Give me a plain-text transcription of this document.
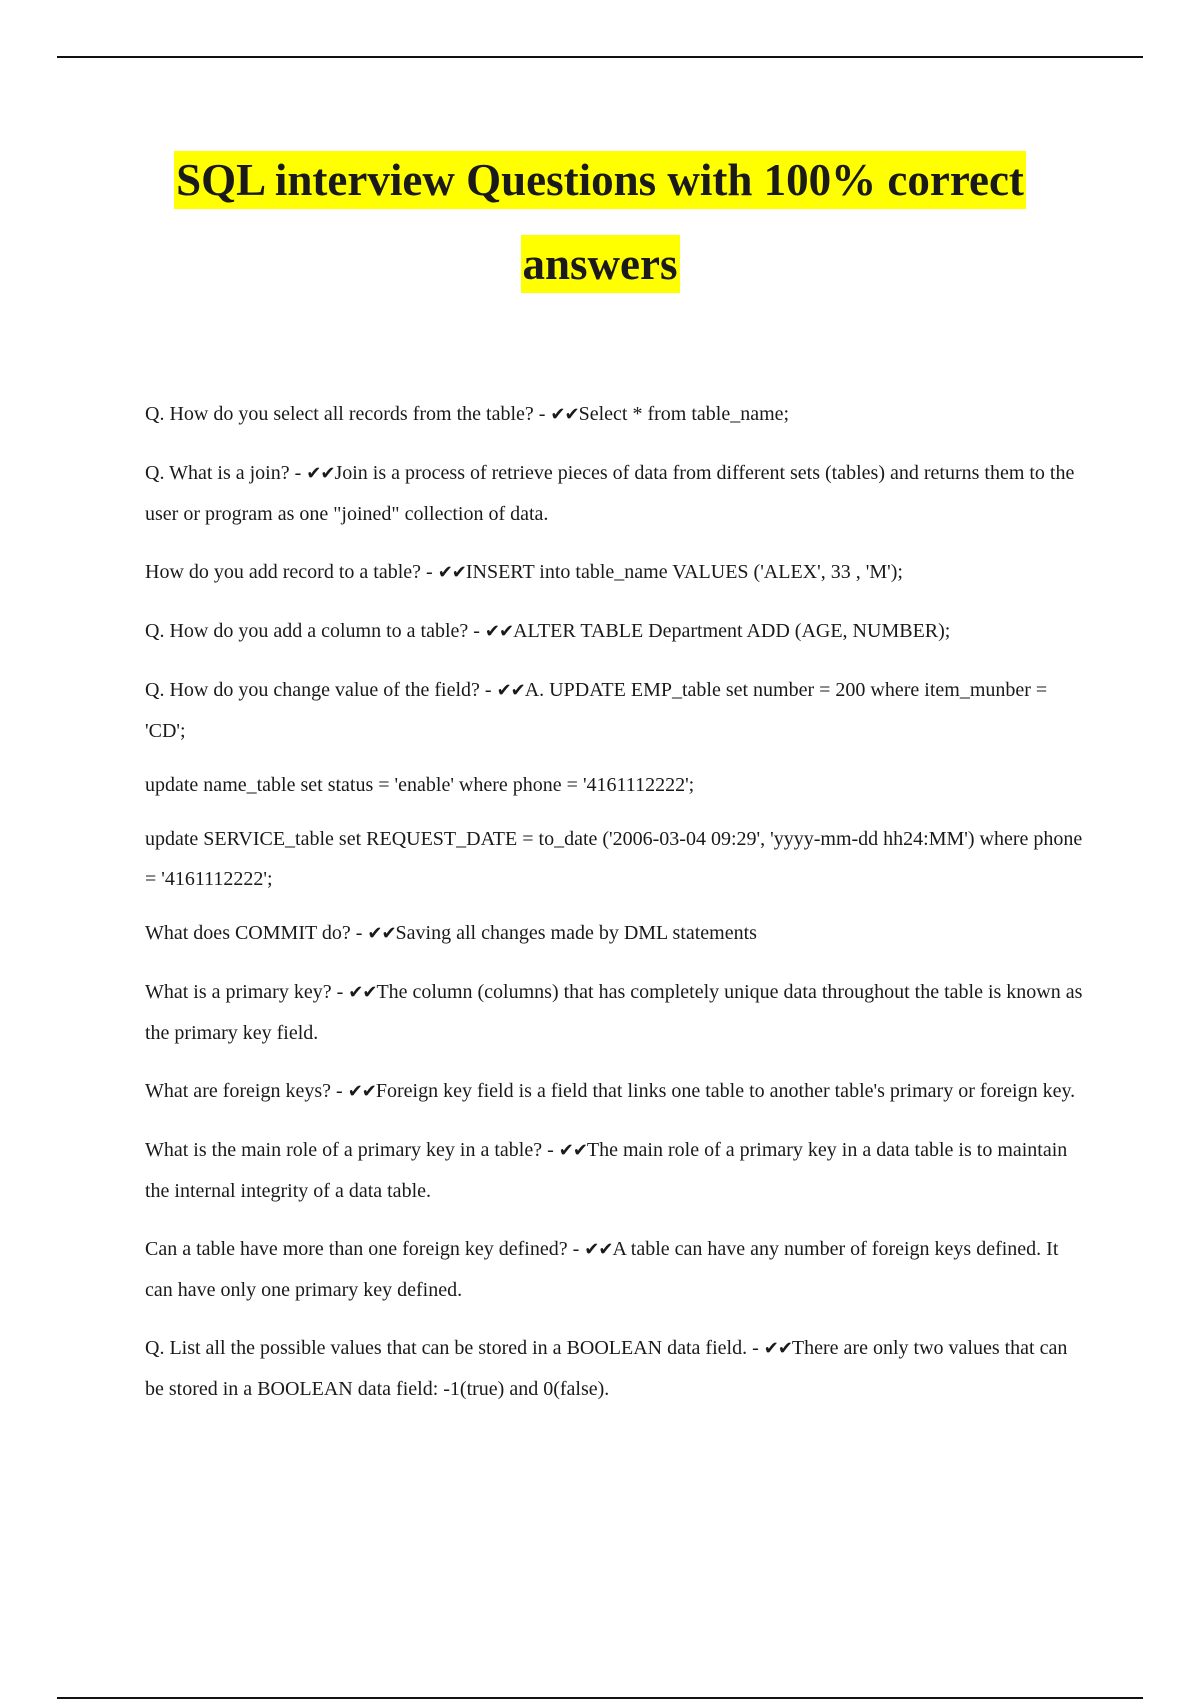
SQL interview Questions with 100% correct
answers

Q. How do you select all records from the table? - ✔✔Select * from table_name;

Q. What is a join? - ✔✔Join is a process of retrieve pieces of data from different sets (tables) and returns them to the user or program as one "joined" collection of data.

How do you add record to a table? - ✔✔INSERT into table_name VALUES ('ALEX', 33 , 'M');

Q. How do you add a column to a table? - ✔✔ALTER TABLE Department ADD (AGE, NUMBER);

Q. How do you change value of the field? - ✔✔A. UPDATE EMP_table set number = 200 where item_munber = 'CD';

update name_table set status = 'enable' where phone = '4161112222';

update SERVICE_table set REQUEST_DATE = to_date ('2006-03-04 09:29', 'yyyy-mm-dd hh24:MM') where phone = '4161112222';

What does COMMIT do? - ✔✔Saving all changes made by DML statements

What is a primary key? - ✔✔The column (columns) that has completely unique data throughout the table is known as the primary key field.

What are foreign keys? - ✔✔Foreign key field is a field that links one table to another table's primary or foreign key.

What is the main role of a primary key in a table? - ✔✔The main role of a primary key in a data table is to maintain the internal integrity of a data table.

Can a table have more than one foreign key defined? - ✔✔A table can have any number of foreign keys defined. It can have only one primary key defined.

Q. List all the possible values that can be stored in a BOOLEAN data field. - ✔✔There are only two values that can be stored in a BOOLEAN data field: -1(true) and 0(false).
